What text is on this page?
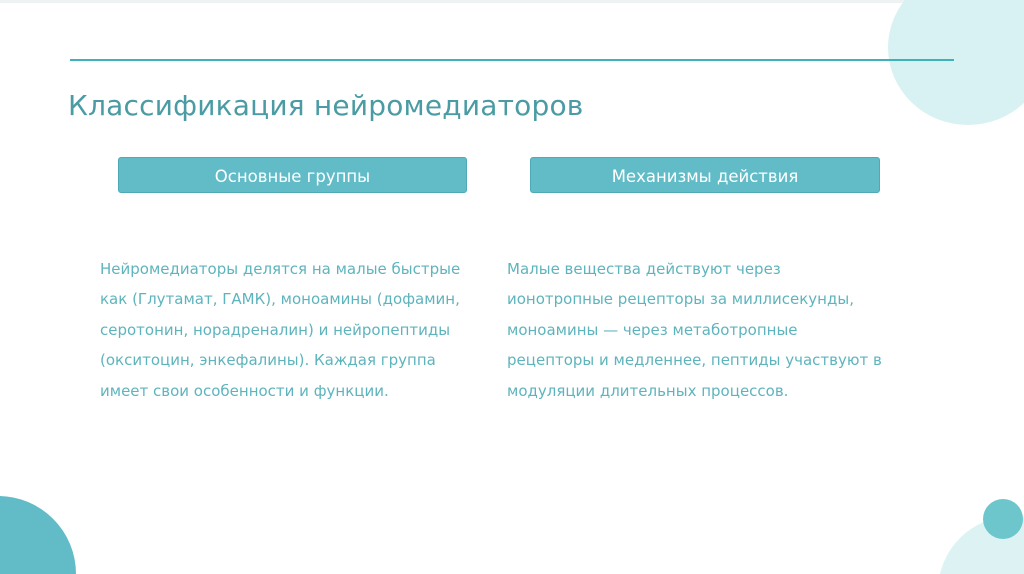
Классификация нейромедиаторов
Основные группы	Механизмы действия
Нейромедиаторы делятся на малые быстрые
как (Глутамат, ГАМК), моноамины (дофамин,
серотонин, норадреналин) и нейропептиды
(окситоцин, энкефалины). Каждая группа
имеет свои особенности и функции.
Малые вещества действуют через
ионотропные рецепторы за миллисекунды,
моноамины — через метаботропные
рецепторы и медленнее, пептиды участвуют в
модуляции длительных процессов.
